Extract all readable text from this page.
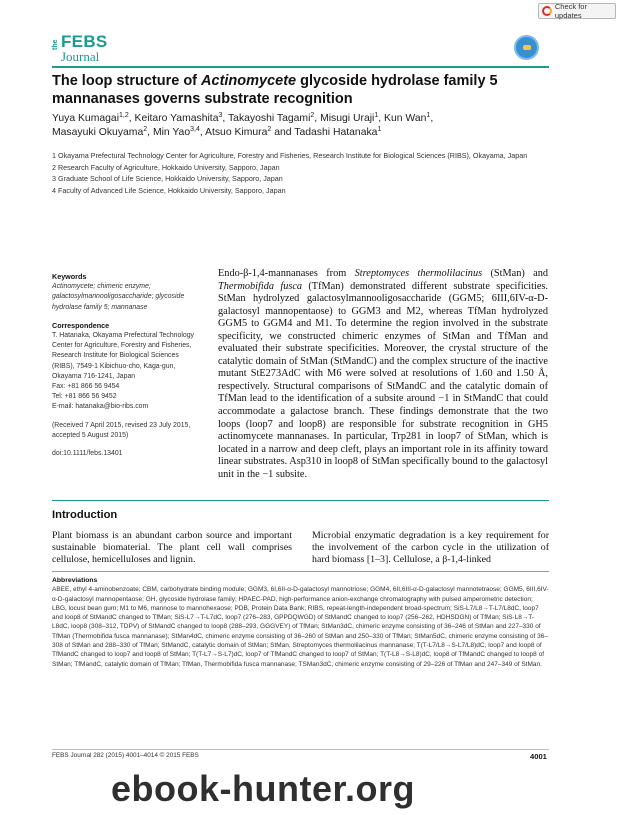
Check for updates
the FEBS
Journal
The loop structure of Actinomycete glycoside hydrolase family 5 mannanases governs substrate recognition
Yuya Kumagai$^{1,2}$, Keitaro Yamashita$^3$, Takayoshi Tagami$^2$, Misugi Uraji$^1$, Kun Wan$^1$,
Masayuki Okuyama$^2$, Min Yao$^{3,4}$, Atsuo Kimura$^2$ and Tadashi Hatanaka$^1$
1 Okayama Prefectural Technology Center for Agriculture, Forestry and Fisheries, Research Institute for Biological Sciences (RIBS), Okayama, Japan
2 Research Faculty of Agriculture, Hokkaido University, Sapporo, Japan
3 Graduate School of Life Science, Hokkaido University, Sapporo, Japan
4 Faculty of Advanced Life Science, Hokkaido University, Sapporo, Japan
Keywords
Actinomycete; chimeric enzyme; galactosylmannooligosaccharide; glycoside hydrolase family 5; mannanase
Correspondence
T. Hatanaka, Okayama Prefectural Technology Center for Agriculture, Forestry and Fisheries, Research Institute for Biological Sciences (RIBS), 7549-1 Kibichuo-cho, Kaga-gun, Okayama 716-1241, Japan
Fax: +81 866 56 9454
Tel: +81 866 56 9452
E-mail: hatanaka@bio-ribs.com
(Received 7 April 2015, revised 23 July 2015, accepted 5 August 2015)
doi:10.1111/febs.13401
Endo-β-1,4-mannanases from Streptomyces thermolilacinus (StMan) and Thermobifida fusca (TfMan) demonstrated different substrate specificities. StMan hydrolyzed galactosylmannooligosaccharide (GGM5; 6III,6IV-α-D-galactosyl mannopentaose) to GGM3 and M2, whereas TfMan hydrolyzed GGM5 to GGM4 and M1. To determine the region involved in the substrate specificity, we constructed chimeric enzymes of StMan and TfMan and evaluated their substrate specificities. Moreover, the crystal structure of the catalytic domain of StMan (StMandC) and the complex structure of the inactive mutant StE273AdC with M6 were solved at resolutions of 1.60 and 1.50 Å, respectively. Structural comparisons of StMandC and the catalytic domain of TfMan lead to the identification of a subsite around −1 in StMandC that could accommodate a galactose branch. These findings demonstrate that the two loops (loop7 and loop8) are responsible for substrate recognition in GH5 actinomycete mannanases. In particular, Trp281 in loop7 of StMan, which is located in a narrow and deep cleft, plays an important role in its affinity toward linear substrates. Asp310 in loop8 of StMan specifically bound to the galactosyl unit in the −1 subsite.
Introduction
Plant biomass is an abundant carbon source and important sustainable biomaterial. The plant cell wall comprises cellulose, hemicelluloses and lignin.
Microbial enzymatic degradation is a key requirement for the involvement of the carbon cycle in the utilization of hard biomass [1–3]. Cellulose, a β-1,4-linked
Abbreviations
ABEE, ethyl 4-aminobenzoate; CBM, carbohydrate binding module; GGM3, 6I,6II-α-D-galactosyl mannotriose; GGM4, 6II,6III-α-D-galactosyl mannotetraose; GGM5, 6III,6IV-α-D-galactosyl mannopentaose; GH, glycoside hydrolase family; HPAEC-PAD, high-performance anion-exchange chromatography with pulsed amperometric detection; LBG, locust bean gum; M1 to M6, mannose to mannohexaose; PDB, Protein Data Bank; RIBS, repeat-length-independent broad-spectrum; SiS-L7/L8→T-L7/L8dC, loop7 and loop8 of StMandC changed to TfMan; SiS-L7→T-L7dC, loop7 (276–283, GPPDQWGD) of StMandC changed to loop7 (256–262, HDHSDGN) of TfMan; SiS-L8→T-L8dC, loop8 (308–312, TDPV) of StMandC changed to loop8 (288–293, GGGVEY) of TfMan; StMan3dC, chimeric enzyme consisting of 36–246 of StMan and 227–330 of TfMan (Thermobifida fusca mannanase); StMan4dC, chimeric enzyme consisting of 36–260 of StMan and 250–330 of TfMan; StMan5dC, chimeric enzyme consisting of 36–308 of StMan and 288–330 of TfMan; StMandC, catalytic domain of StMan; StMan, Streptomyces thermolilacinus mannanase; T(T-L7/L8→S-L7/L8)dC, loop7 and loop8 of TfMandC changed to loop7 and loop8 of StMan; T(T-L7→S-L7)dC, loop7 of TfMandC changed to loop7 of StMan; T(T-L8→S-L8)dC, loop8 of TfMandC changed to loop8 of StMan; TfMandC, catalytic domain of TfMan; TfMan, Thermobifida fusca mannanase; TSMan3dC, chimeric enzyme consisting of 29–226 of TfMan and 247–349 of StMan.
FEBS Journal 282 (2015) 4001–4014 © 2015 FEBS	4001
ebook-hunter.org
